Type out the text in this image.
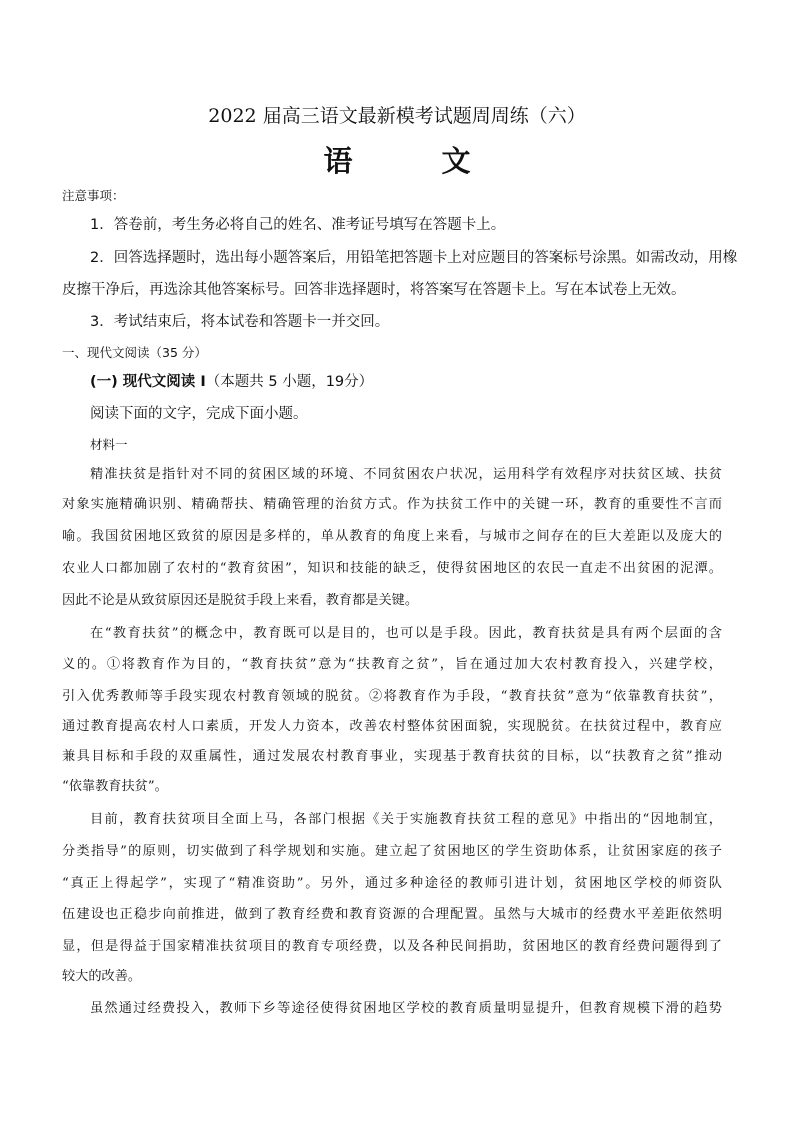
2022 届高三语文最新模考试题周周练（六）
语　文
注意事项：
1．答卷前，考生务必将自己的姓名、准考证号填写在答题卡上。
2．回答选择题时，选出每小题答案后，用铅笔把答题卡上对应题目的答案标号涂黑。如需改动，用橡
皮擦干净后，再选涂其他答案标号。回答非选择题时，将答案写在答题卡上。写在本试卷上无效。
3．考试结束后，将本试卷和答题卡一并交回。
一、现代文阅读（35 分）
(一) 现代文阅读 I（本题共 5 小题，19分）
阅读下面的文字，完成下面小题。
材料一
精准扶贫是指针对不同的贫困区域的环境、不同贫困农户状况，运用科学有效程序对扶贫区域、扶贫
对象实施精确识别、精确帮扶、精确管理的治贫方式。作为扶贫工作中的关键一环，教育的重要性不言而
喻。我国贫困地区致贫的原因是多样的，单从教育的角度上来看，与城市之间存在的巨大差距以及庞大的
农业人口都加剧了农村的“教育贫困”，知识和技能的缺乏，使得贫困地区的农民一直走不出贫困的泥潭。
因此不论是从致贫原因还是脱贫手段上来看，教育都是关键。
在“教育扶贫”的概念中，教育既可以是目的，也可以是手段。因此，教育扶贫是具有两个层面的含
义的。①将教育作为目的，“教育扶贫”意为“扶教育之贫”，旨在通过加大农村教育投入，兴建学校，
引入优秀教师等手段实现农村教育领域的脱贫。②将教育作为手段，“教育扶贫”意为“依靠教育扶贫”，
通过教育提高农村人口素质，开发人力资本，改善农村整体贫困面貌，实现脱贫。在扶贫过程中，教育应
兼具目标和手段的双重属性，通过发展农村教育事业，实现基于教育扶贫的目标，以“扶教育之贫”推动
“依靠教育扶贫”。
目前，教育扶贫项目全面上马，各部门根据《关于实施教育扶贫工程的意见》中指出的“因地制宜，
分类指导”的原则，切实做到了科学规划和实施。建立起了贫困地区的学生资助体系，让贫困家庭的孩子
“真正上得起学”，实现了“精准资助”。另外，通过多种途径的教师引进计划，贫困地区学校的师资队
伍建设也正稳步向前推进，做到了教育经费和教育资源的合理配置。虽然与大城市的经费水平差距依然明
显，但是得益于国家精准扶贫项目的教育专项经费，以及各种民间捐助，贫困地区的教育经费问题得到了
较大的改善。
虽然通过经费投入，教师下乡等途径使得贫困地区学校的教育质量明显提升，但教育规模下滑的趋势
